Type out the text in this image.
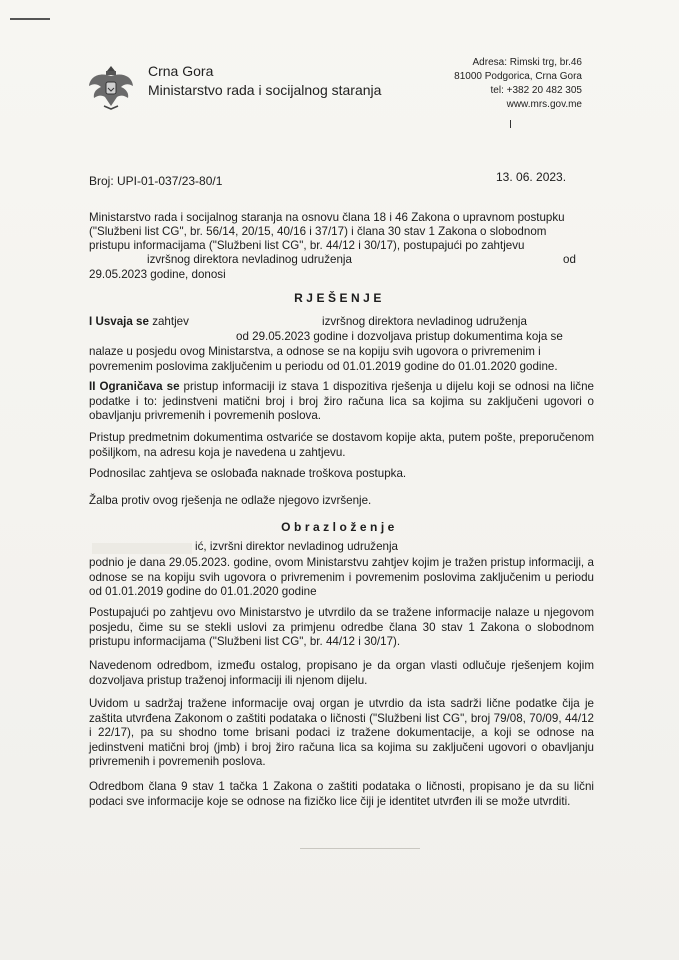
Crna Gora
Ministarstvo rada i socijalnog staranja
Adresa: Rimski trg, br.46
81000 Podgorica, Crna Gora
tel: +382 20 482 305
www.mrs.gov.me
Broj: UPI-01-037/23-80/1	13. 06. 2023.
Ministarstvo rada i socijalnog staranja na osnovu člana 18 i 46 Zakona o upravnom postupku
("Službeni list CG", br. 56/14, 20/15, 40/16 i 37/17) i člana 30 stav 1 Zakona o slobodnom
pristupu informacijama ("Službeni list CG", br. 44/12 i 30/17), postupajući po zahtjevu
izvršnog direktora nevladinog udruženja	od
29.05.2023 godine, donosi
RJEŠENJE
I Usvaja se zahtjev	izvršnog direktora nevladinog udruženja
od 29.05.2023 godine i dozvoljava pristup dokumentima koja se
nalaze u posjedu ovog Ministarstva, a odnose se na kopiju svih ugovora o privremenim i
povremenim poslovima zaključenim u periodu od 01.01.2019 godine do 01.01.2020 godine.
II Ograničava se pristup informaciji iz stava 1 dispozitiva rješenja u dijelu koji se odnosi na lične podatke i to: jedinstveni matični broj i broj žiro računa lica sa kojima su zaključeni ugovori o obavljanju privremenih i povremenih poslova.
Pristup predmetnim dokumentima ostvariće se dostavom kopije akta, putem pošte, preporučenom pošiljkom, na adresu koja je navedena u zahtjevu.
Podnosilac zahtjeva se oslobađa naknade troškova postupka.
Žalba protiv ovog rješenja ne odlaže njegovo izvršenje.
Obrazloženje
ić, izvršni direktor nevladinog udruženja
podnio je dana 29.05.2023. godine, ovom Ministarstvu zahtjev kojim je tražen pristup informaciji, a odnose se na kopiju svih ugovora o privremenim i povremenim poslovima zaključenim u periodu od 01.01.2019 godine do 01.01.2020 godine
Postupajući po zahtjevu ovo Ministarstvo je utvrdilo da se tražene informacije nalaze u njegovom posjedu, čime su se stekli uslovi za primjenu odredbe člana 30 stav 1 Zakona o slobodnom pristupu informacijama ("Službeni list CG", br. 44/12 i 30/17).
Navedenom odredbom, između ostalog, propisano je da organ vlasti odlučuje rješenjem kojim dozvoljava pristup traženoj informaciji ili njenom dijelu.
Uvidom u sadržaj tražene informacije ovaj organ je utvrdio da ista sadrži lične podatke čija je zaštita utvrđena Zakonom o zaštiti podataka o ličnosti ("Službeni list CG", broj 79/08, 70/09, 44/12 i 22/17), pa su shodno tome brisani podaci iz tražene dokumentacije, a koji se odnose na jedinstveni matični broj (jmb) i broj žiro računa lica sa kojima su zaključeni ugovori o obavljanju privremenih i povremenih poslova.
Odredbom člana 9 stav 1 tačka 1 Zakona o zaštiti podataka o ličnosti, propisano je da su lični podaci sve informacije koje se odnose na fizičko lice čiji je identitet utvrđen ili se može utvrditi.
